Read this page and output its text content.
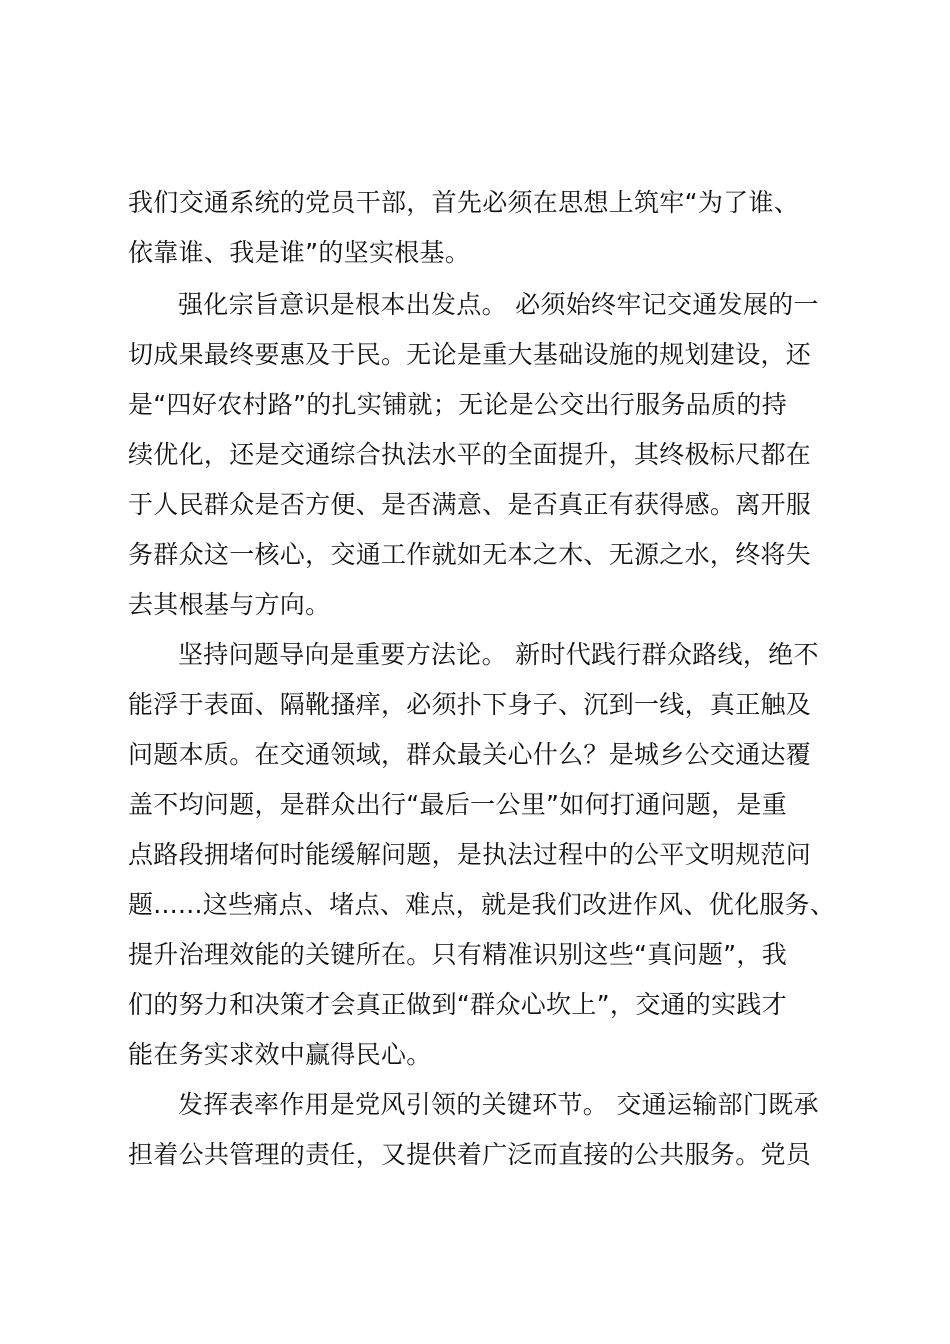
我们交通系统的党员干部，首先必须在思想上筑牢“为了谁、
依靠谁、我是谁”的坚实根基。
强化宗旨意识是根本出发点。 必须始终牢记交通发展的一
切成果最终要惠及于民。无论是重大基础设施的规划建设，还
是“四好农村路”的扎实铺就；无论是公交出行服务品质的持
续优化，还是交通综合执法水平的全面提升，其终极标尺都在
于人民群众是否方便、是否满意、是否真正有获得感。离开服
务群众这一核心，交通工作就如无本之木、无源之水，终将失
去其根基与方向。
坚持问题导向是重要方法论。 新时代践行群众路线，绝不
能浮于表面、隔靴搔痒，必须扑下身子、沉到一线，真正触及
问题本质。在交通领域，群众最关心什么？是城乡公交通达覆
盖不均问题，是群众出行“最后一公里”如何打通问题，是重
点路段拥堵何时能缓解问题，是执法过程中的公平文明规范问
题......这些痛点、堵点、难点，就是我们改进作风、优化服务、
提升治理效能的关键所在。只有精准识别这些“真问题”，我
们的努力和决策才会真正做到“群众心坎上”，交通的实践才
能在务实求效中赢得民心。
发挥表率作用是党风引领的关键环节。 交通运输部门既承
担着公共管理的责任，又提供着广泛而直接的公共服务。党员
